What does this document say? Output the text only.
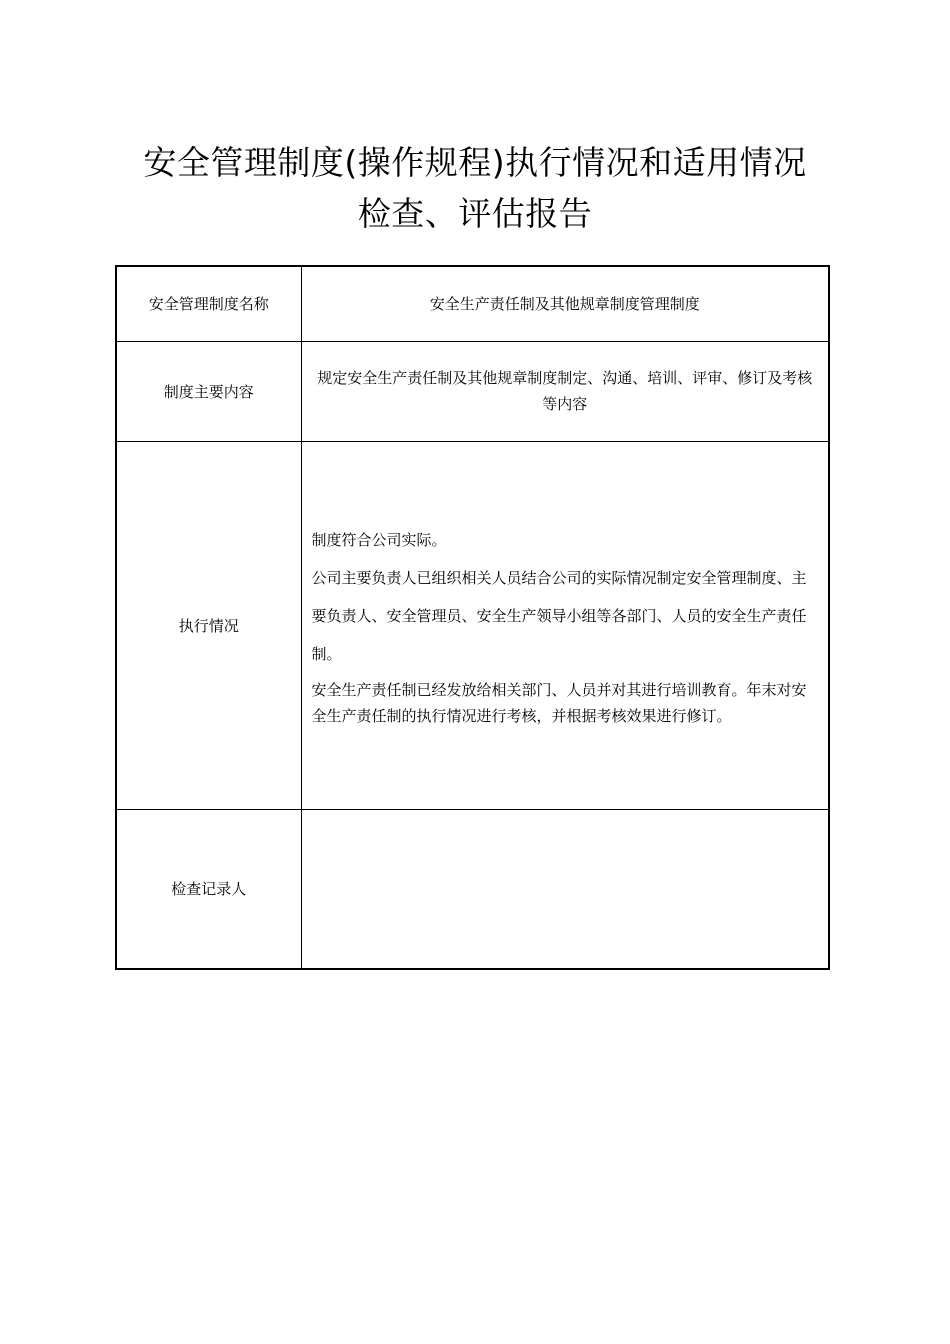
安全管理制度(操作规程)执行情况和适用情况
检查、评估报告
安全管理制度名称	安全生产责任制及其他规章制度管理制度
制度主要内容	规定安全生产责任制及其他规章制度制定、沟通、培训、评审、修订及考核等内容

执行情况	制度符合公司实际。

公司主要负责人已组织相关人员结合公司的实际情况制定安全管理制度、主要负责人、安全管理员、安全生产领导小组等各部门、人员的安全生产责任制。

安全生产责任制已经发放给相关部门、人员并对其进行培训教育。年末对安全生产责任制的执行情况进行考核，并根据考核效果进行修订。

检查记录人	
